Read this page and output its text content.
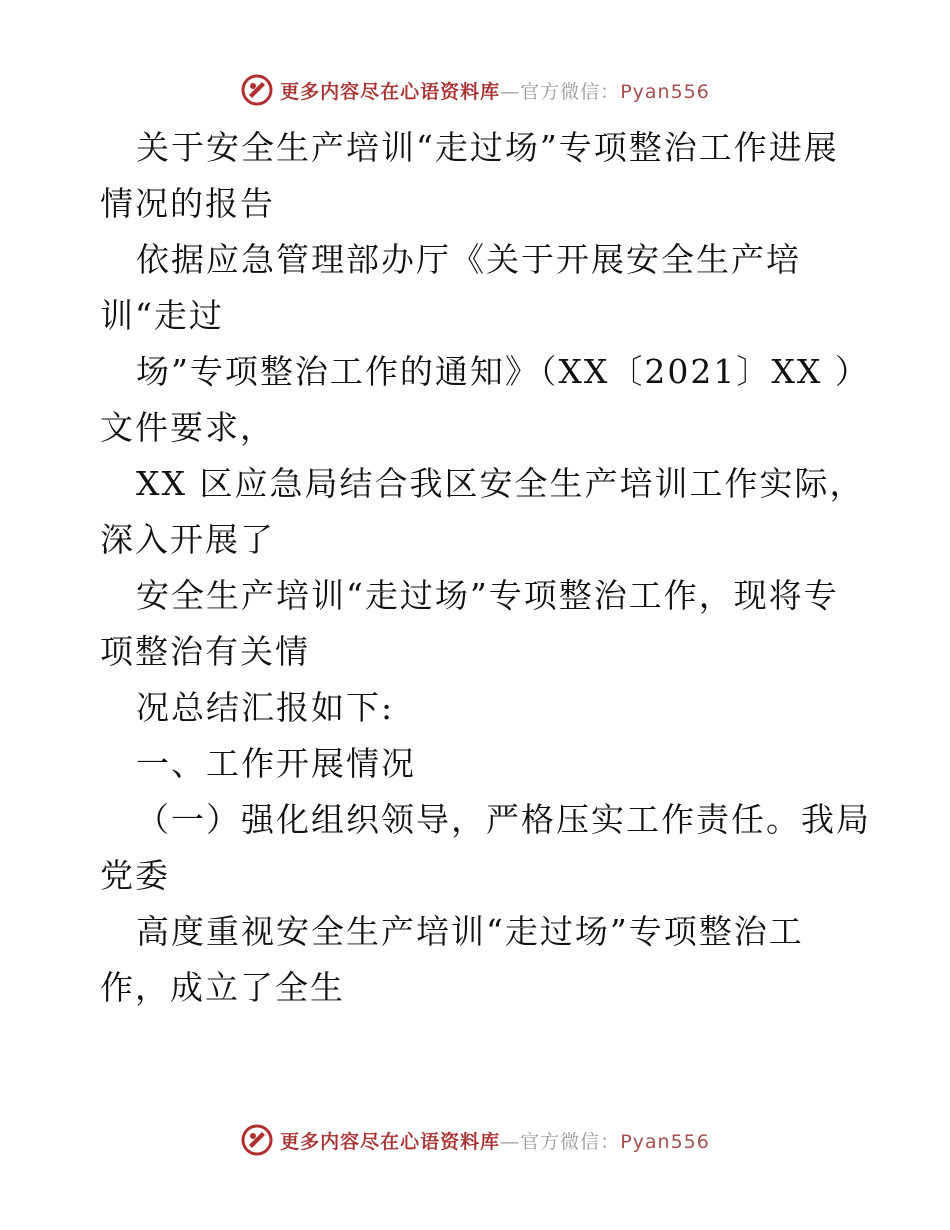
更多内容尽在心语资料库—官方微信：Pyan556
关于安全生产培训“走过场”专项整治工作进展
情况的报告
依据应急管理部办厅《关于开展安全生产培
训“走过
场”专项整治工作的通知》（XX〔2021〕XX ）
文件要求，
XX 区应急局结合我区安全生产培训工作实际，
深入开展了
安全生产培训“走过场”专项整治工作，现将专
项整治有关情
况总结汇报如下:
一、工作开展情况
（一）强化组织领导，严格压实工作责任。我局
党委
高度重视安全生产培训“走过场”专项整治工
作，成立了全生
更多内容尽在心语资料库—官方微信：Pyan556
